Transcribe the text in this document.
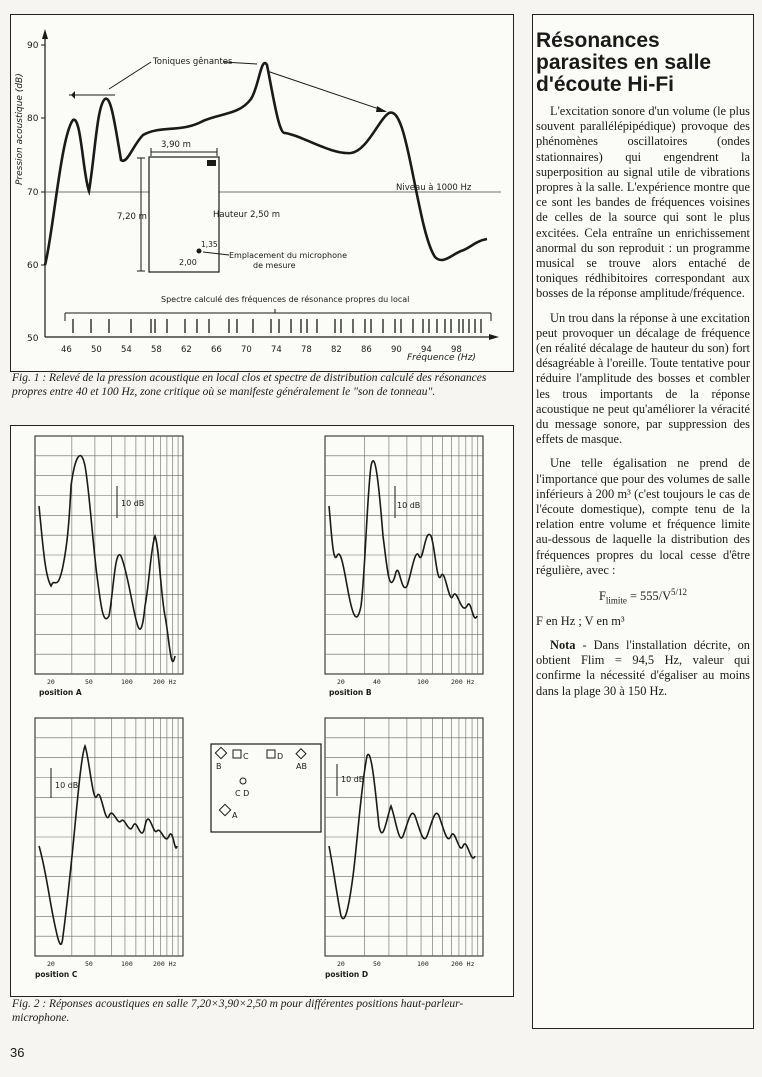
90
80
70
60
50
Pression acoustique (dB)
Niveau à 1000 Hz
Toniques gênantes
3,90 m
7,20 m	Hauteur 2,50 m
1,35
2,00
Emplacement du microphone
de mesure
Spectre calculé des fréquences de résonance propres du local
46 50 54 58 62 66 70 74 78 82 86 90 94 98
Fréquence (Hz)
Fig. 1 : Relevé de la pression acoustique en local clos et spectre de distribution calculé des résonances propres entre 40 et 100 Hz, zone critique où se manifeste généralement le "son de tonneau".
20	50	100	200 Hz
position A
10 dB
20	40	100	200 Hz
position B
10 dB
20	50	100	200 Hz
position C
10 dB
20	50	100	200 Hz
position D
10 dB
B
C	D
AB
C D
A
Fig. 2 : Réponses acoustiques en salle 7,20×3,90×2,50 m pour différentes positions haut-parleur-microphone.
Résonances parasites en salle d'écoute Hi-Fi

L'excitation sonore d'un volume (le plus souvent parallélépipédique) provoque des phénomènes oscillatoires (ondes stationnaires) qui engendrent la superposition au signal utile de vibrations propres à la salle. L'expérience montre que ce sont les bandes de fréquences voisines de celles de la source qui sont le plus excitées. Cela entraîne un enrichissement anormal du son reproduit : un programme musical se trouve alors entaché de toniques rédhibitoires correspondant aux bosses de la réponse amplitude/fréquence.

Un trou dans la réponse à une excitation peut provoquer un décalage de fréquence (en réalité décalage de hauteur du son) fort désagréable à l'oreille. Toute tentative pour réduire l'amplitude des bosses et combler les trous importants de la réponse acoustique ne peut qu'améliorer la véracité du message sonore, par suppression des effets de masque.

Une telle égalisation ne prend de l'importance que pour des volumes de salle inférieurs à 200 m³ (c'est toujours le cas de l'écoute domestique), compte tenu de la relation entre volume et fréquence limite au-dessous de laquelle la distribution des fréquences propres du local cesse d'être régulière, avec :

$F_{limite} = 555/V^{5/12}$

F en Hz ; V en m³

Nota - Dans l'installation décrite, on obtient Flim = 94,5 Hz, valeur qui confirme la nécessité d'égaliser au moins dans la plage 30 à 150 Hz.

36
